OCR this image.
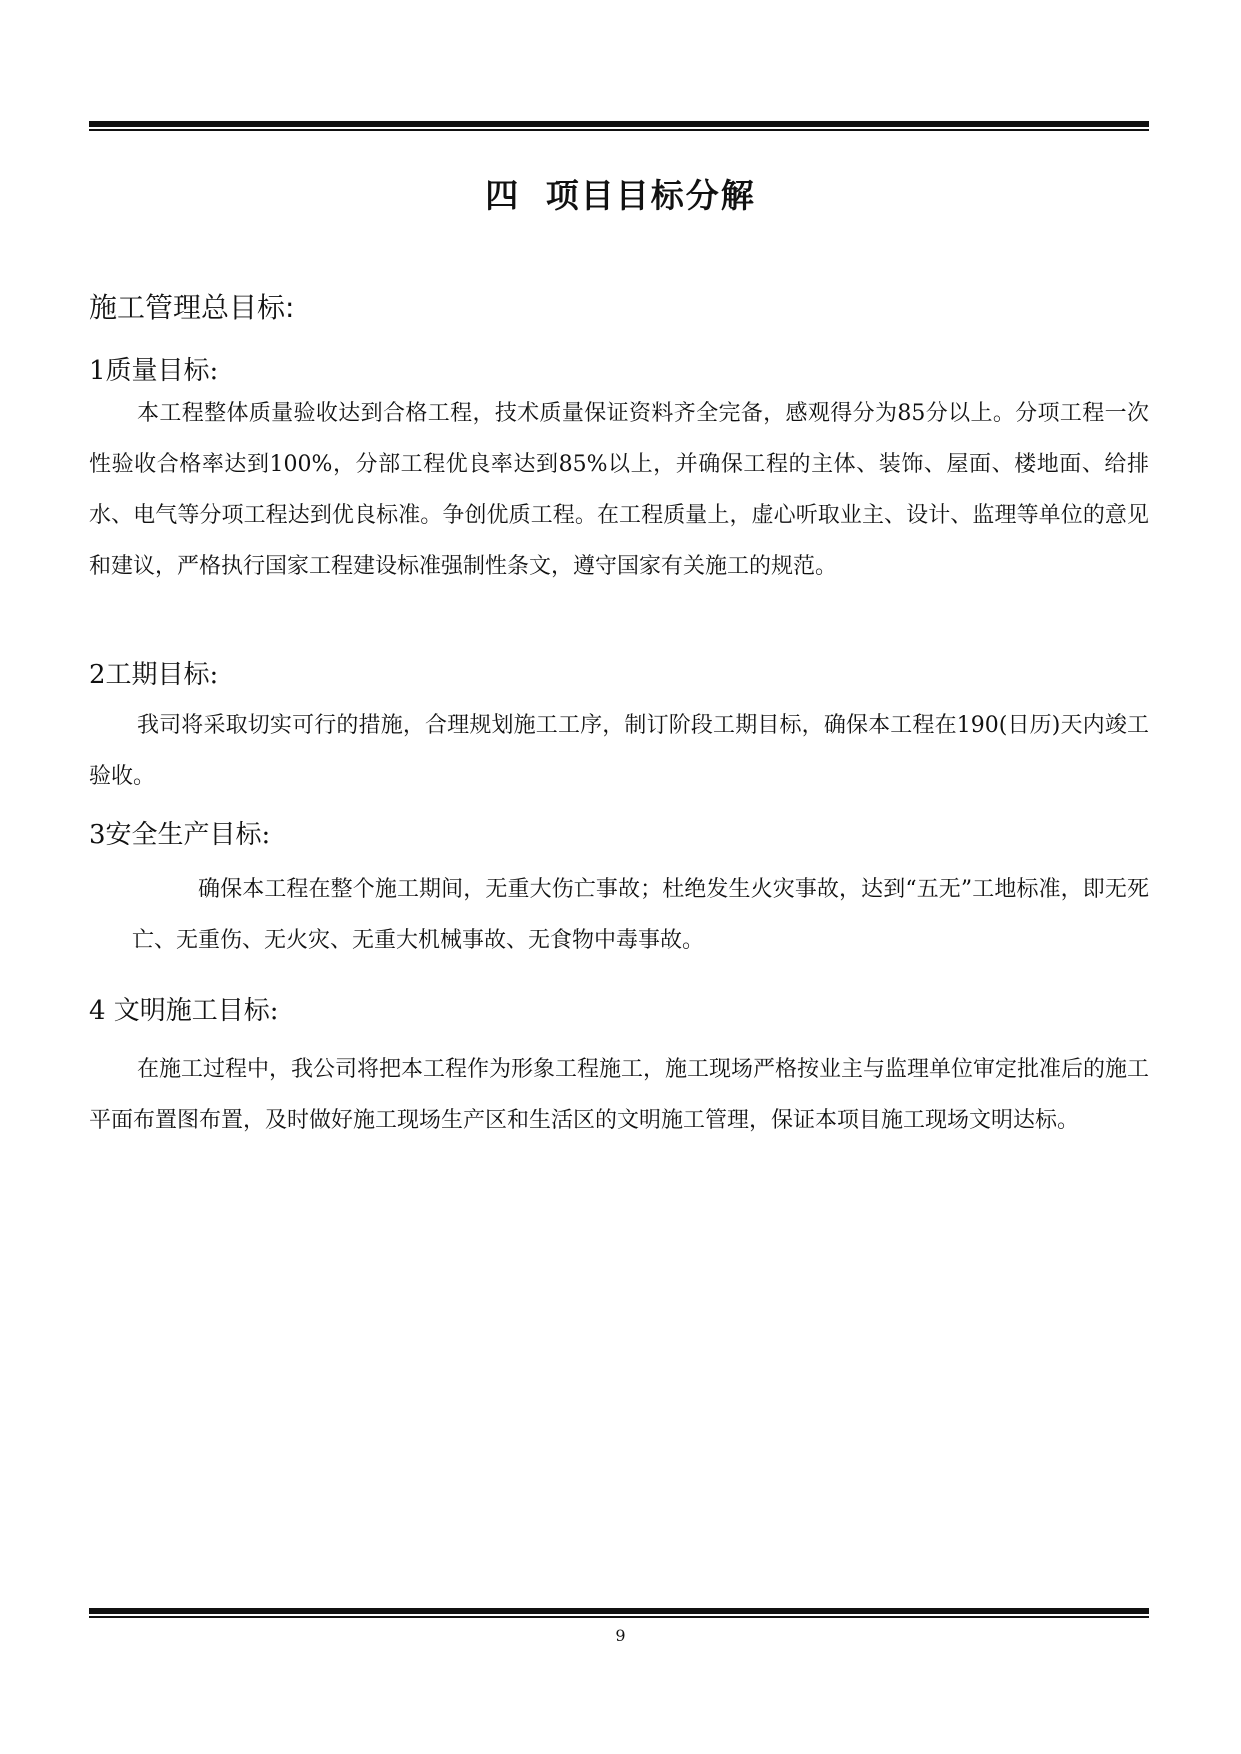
四 项目目标分解
施工管理总目标:
1质量目标:
本工程整体质量验收达到合格工程，技术质量保证资料齐全完备，感观得分为85分以上。分项工程一次性验收合格率达到100%，分部工程优良率达到85%以上，并确保工程的主体、装饰、屋面、楼地面、给排水、电气等分项工程达到优良标准。争创优质工程。在工程质量上，虚心听取业主、设计、监理等单位的意见和建议，严格执行国家工程建设标准强制性条文，遵守国家有关施工的规范。
2工期目标:
我司将采取切实可行的措施，合理规划施工工序，制订阶段工期目标，确保本工程在190(日历)天内竣工验收。
3安全生产目标:
确保本工程在整个施工期间，无重大伤亡事故；杜绝发生火灾事故，达到“五无”工地标准，即无死亡、无重伤、无火灾、无重大机械事故、无食物中毒事故。
4 文明施工目标:
在施工过程中，我公司将把本工程作为形象工程施工，施工现场严格按业主与监理单位审定批准后的施工平面布置图布置，及时做好施工现场生产区和生活区的文明施工管理，保证本项目施工现场文明达标。
9
